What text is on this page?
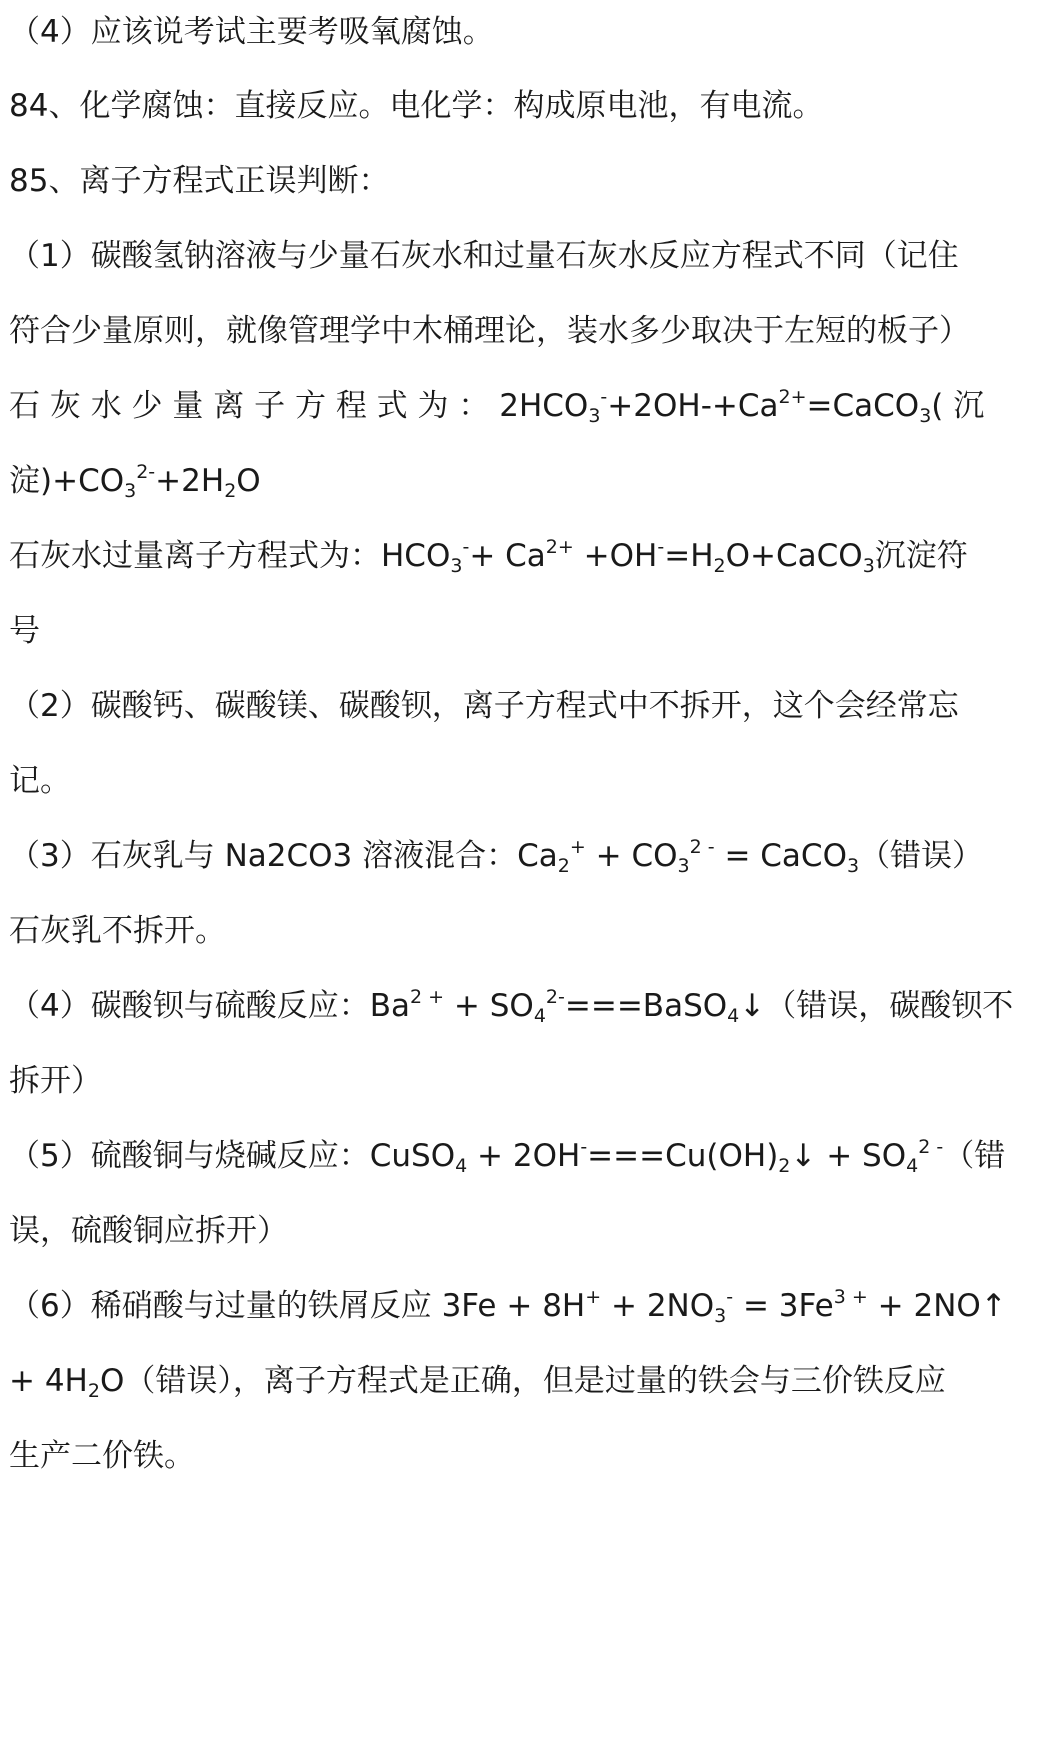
（4）应该说考试主要考吸氧腐蚀。
84、化学腐蚀：直接反应。电化学：构成原电池，有电流。
85、离子方程式正误判断：
（1）碳酸氢钠溶液与少量石灰水和过量石灰水反应方程式不同（记住
符合少量原则，就像管理学中木桶理论，装水多少取决于左短的板子）
石 灰 水 少 量 离 子 方 程 式 为 ： $2HCO_3^-+2OH-+Ca^{2+}=CaCO_3$( 沉
淀)$+CO_3^{2-}+2H_2O$
石灰水过量离子方程式为：$HCO_3^-+ Ca^{2+}$ $+OH^-=H_2O+CaCO_3$沉淀符
号
（2）碳酸钙、碳酸镁、碳酸钡，离子方程式中不拆开，这个会经常忘
记。
（3）石灰乳与 Na2CO3 溶液混合：$Ca_2^+ + CO_3^{2 -}$ = CaCO$_3$（错误）
石灰乳不拆开。
（4）碳酸钡与硫酸反应：$Ba^{2 +}$ + $SO_4^{2-}===BaSO_4↓$（错误，碳酸钡不
拆开）
（5）硫酸铜与烧碱反应：CuSO$_4$ + $2OH^-===Cu(OH)_2↓ + SO_4^{2 -}$（错
误，硫酸铜应拆开）
（6）稀硝酸与过量的铁屑反应 $3Fe + 8H^+ + 2NO_3^- = 3Fe^{3 +}$ + 2NO↑
+ $4H_2O$（错误），离子方程式是正确，但是过量的铁会与三价铁反应
生产二价铁。
